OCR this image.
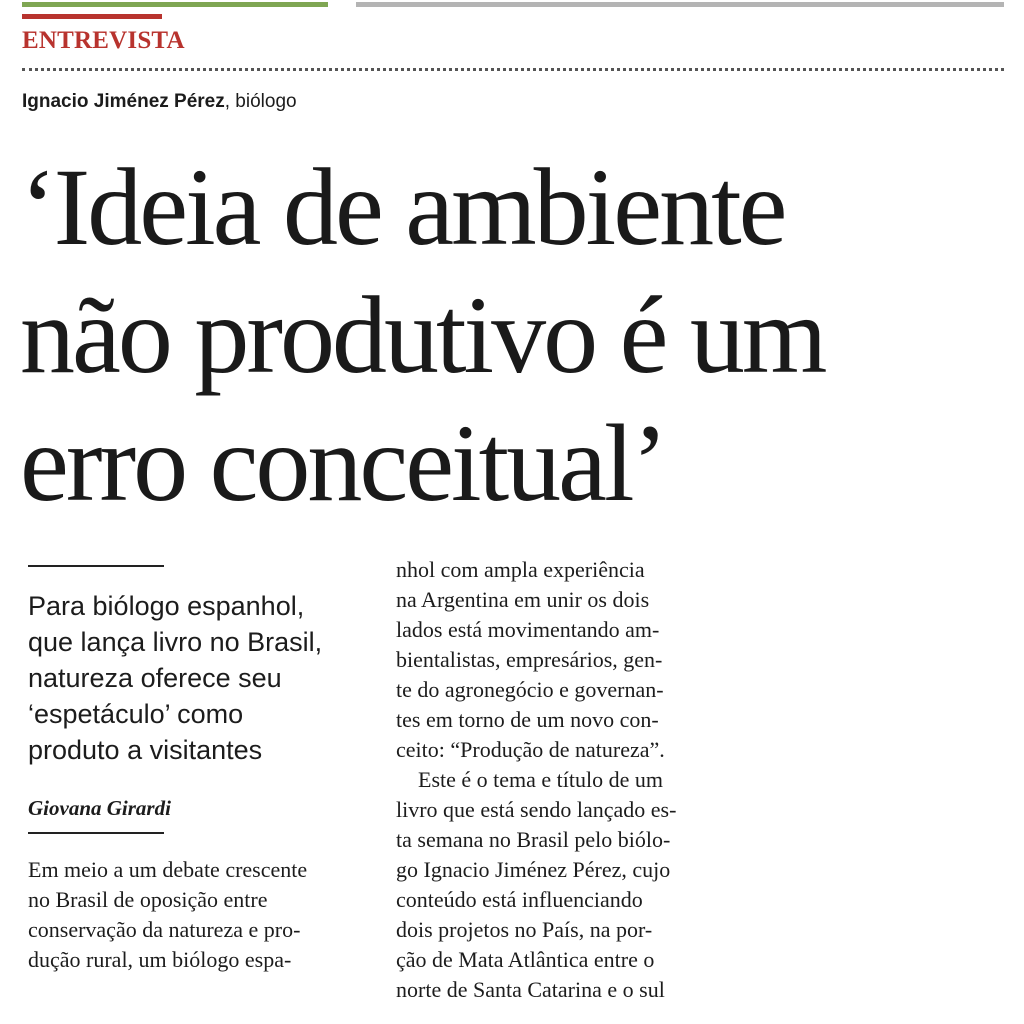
ENTREVISTA
Ignacio Jiménez Pérez, biólogo
‘Ideia de ambiente
não produtivo é um
erro conceitual’
Para biólogo espanhol,
que lança livro no Brasil,
natureza oferece seu
‘espetáculo’ como
produto a visitantes
Giovana Girardi
Em meio a um debate crescente
no Brasil de oposição entre
conservação da natureza e pro-
dução rural, um biólogo espa-

nhol com ampla experiência
na Argentina em unir os dois
lados está movimentando am-
bientalistas, empresários, gen-
te do agronegócio e governan-
tes em torno de um novo con-
ceito: “Produção de natureza”.

Este é o tema e título de um
livro que está sendo lançado es-
ta semana no Brasil pelo biólo-
go Ignacio Jiménez Pérez, cujo
conteúdo está influenciando
dois projetos no País, na por-
ção de Mata Atlântica entre o
norte de Santa Catarina e o sul
